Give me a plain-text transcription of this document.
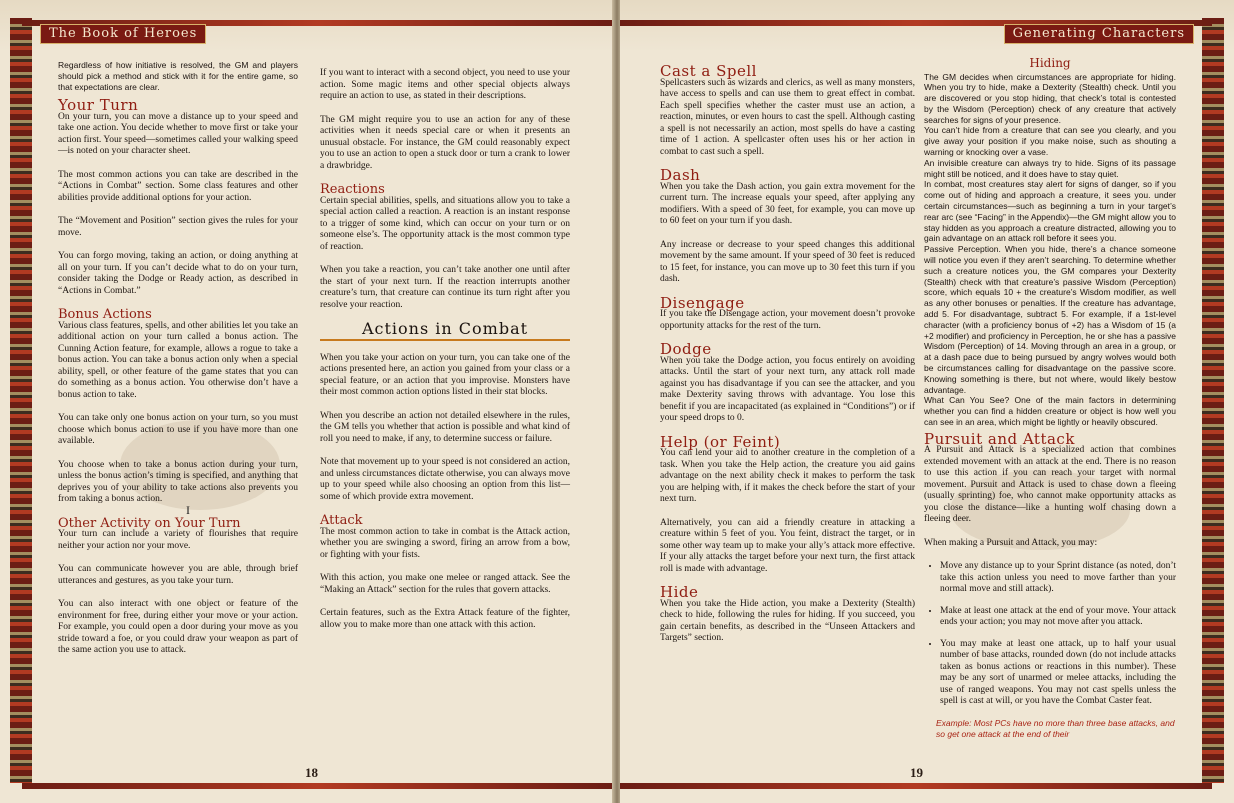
The Book of Heroes

Regardless of how initiative is resolved, the GM and players should pick a method and stick with it for the entire game, so that expectations are clear.

Your Turn

On your turn, you can move a distance up to your speed and take one action. You decide whether to move first or take your action first. Your speed—sometimes called your walking speed—is noted on your character sheet.

The most common actions you can take are described in the “Actions in Combat” section. Some class features and other abilities provide additional options for your action.

The “Movement and Position” section gives the rules for your move.

You can forgo moving, taking an action, or doing anything at all on your turn. If you can’t decide what to do on your turn, consider taking the Dodge or Ready action, as described in “Actions in Combat.”

Bonus Actions

Various class features, spells, and other abilities let you take an additional action on your turn called a bonus action. The Cunning Action feature, for example, allows a rogue to take a bonus action. You can take a bonus action only when a special ability, spell, or other feature of the game states that you can do something as a bonus action. You otherwise don’t have a bonus action to take.

You can take only one bonus action on your turn, so you must choose which bonus action to use if you have more than one available.

You choose when to take a bonus action during your turn, unless the bonus action’s timing is specified, and anything that deprives you of your ability to take actions also prevents you from taking a bonus action.

Other Activity on Your Turn

Your turn can include a variety of flourishes that require neither your action nor your move.

You can communicate however you are able, through brief utterances and gestures, as you take your turn.

You can also interact with one object or feature of the environment for free, during either your move or your action. For example, you could open a door during your move as you stride toward a foe, or you could draw your weapon as part of the same action you use to attack.

If you want to interact with a second object, you need to use your action. Some magic items and other special objects always require an action to use, as stated in their descriptions.

The GM might require you to use an action for any of these activities when it needs special care or when it presents an unusual obstacle. For instance, the GM could reasonably expect you to use an action to open a stuck door or turn a crank to lower a drawbridge.

Reactions

Certain special abilities, spells, and situations allow you to take a special action called a reaction. A reaction is an instant response to a trigger of some kind, which can occur on your turn or on someone else’s. The opportunity attack is the most common type of reaction.

When you take a reaction, you can’t take another one until after the start of your next turn. If the reaction interrupts another creature’s turn, that creature can continue its turn right after you resolve your reaction.

Actions in Combat

When you take your action on your turn, you can take one of the actions presented here, an action you gained from your class or a special feature, or an action that you improvise. Monsters have their most common action options listed in their stat blocks.

When you describe an action not detailed elsewhere in the rules, the GM tells you whether that action is possible and what kind of roll you need to make, if any, to determine success or failure.

Note that movement up to your speed is not considered an action, and unless circumstances dictate otherwise, you can always move up to your speed while also choosing an option from this list—some of which provide extra movement.

Attack

The most common action to take in combat is the Attack action, whether you are swinging a sword, firing an arrow from a bow, or fighting with your fists.

With this action, you make one melee or ranged attack. See the “Making an Attack” section for the rules that govern attacks.

Certain features, such as the Extra Attack feature of the fighter, allow you to make more than one attack with this action.

18
Generating Characters
Cast a Spell

Spellcasters such as wizards and clerics, as well as many monsters, have access to spells and can use them to great effect in combat. Each spell specifies whether the caster must use an action, a reaction, minutes, or even hours to cast the spell. Although casting a spell is not necessarily an action, most spells do have a casting time of 1 action. A spellcaster often uses his or her action in combat to cast such a spell.

Dash

When you take the Dash action, you gain extra movement for the current turn. The increase equals your speed, after applying any modifiers. With a speed of 30 feet, for example, you can move up to 60 feet on your turn if you dash.

Any increase or decrease to your speed changes this additional movement by the same amount. If your speed of 30 feet is reduced to 15 feet, for instance, you can move up to 30 feet this turn if you dash.

Disengage

If you take the Disengage action, your movement doesn’t provoke opportunity attacks for the rest of the turn.

Dodge

When you take the Dodge action, you focus entirely on avoiding attacks. Until the start of your next turn, any attack roll made against you has disadvantage if you can see the attacker, and you make Dexterity saving throws with advantage. You lose this benefit if you are incapacitated (as explained in “Conditions”) or if your speed drops to 0.

Help (or Feint)

You can lend your aid to another creature in the completion of a task. When you take the Help action, the creature you aid gains advantage on the next ability check it makes to perform the task you are helping with, if it makes the check before the start of your next turn.

Alternatively, you can aid a friendly creature in attacking a creature within 5 feet of you. You feint, distract the target, or in some other way team up to make your ally’s attack more effective. If your ally attacks the target before your next turn, the first attack roll is made with advantage.

Hide

When you take the Hide action, you make a Dexterity (Stealth) check to hide, following the rules for hiding. If you succeed, you gain certain benefits, as described in the “Unseen Attackers and Targets” section.

Hiding

The GM decides when circumstances are appropriate for hiding. When you try to hide, make a Dexterity (Stealth) check. Until you are discovered or you stop hiding, that check’s total is contested by the Wisdom (Perception) check of any creature that actively searches for signs of your presence.

You can’t hide from a creature that can see you clearly, and you give away your position if you make noise, such as shouting a warning or knocking over a vase.

An invisible creature can always try to hide. Signs of its passage might still be noticed, and it does have to stay quiet.

In combat, most creatures stay alert for signs of danger, so if you come out of hiding and approach a creature, it sees you. under certain circumstances—such as beginning a turn in your target’s rear arc (see “Facing” in the Appendix)—the GM might allow you to stay hidden as you approach a creature distracted, allowing you to gain advantage on an attack roll before it sees you.

Passive Perception. When you hide, there’s a chance someone will notice you even if they aren’t searching. To determine whether such a creature notices you, the GM compares your Dexterity (Stealth) check with that creature’s passive Wisdom (Perception) score, which equals 10 + the creature’s Wisdom modifier, as well as any other bonuses or penalties. If the creature has advantage, add 5. For disadvantage, subtract 5. For example, if a 1st-level character (with a proficiency bonus of +2) has a Wisdom of 15 (a +2 modifier) and proficiency in Perception, he or she has a passive Wisdom (Perception) of 14. Moving through an area in a group, or at a dash pace due to being pursued by angry wolves would both be circumstances calling for disadvantage on the passive score. Knowing something is there, but not where, would likely bestow advantage.

What Can You See? One of the main factors in determining whether you can find a hidden creature or object is how well you can see in an area, which might be lightly or heavily obscured.

Pursuit and Attack

A Pursuit and Attack is a specialized action that combines extended movement with an attack at the end. There is no reason to use this action if you can reach your target with normal movement. Pursuit and Attack is used to chase down a fleeing (usually sprinting) foe, who cannot make opportunity attacks as you close the distance—like a hunting wolf chasing down a fleeing deer.

When making a Pursuit and Attack, you may:

• Move any distance up to your Sprint distance (as noted, don’t take this action unless you need to move farther than your normal move and still attack).
• Make at least one attack at the end of your move. Your attack ends your action; you may not move after you attack.
• You may make at least one attack, up to half your usual number of base attacks, rounded down (do not include attacks taken as bonus actions or reactions in this number). These may be any sort of unarmed or melee attacks, including the use of ranged weapons. You may not cast spells unless the spell is cast at will, or you have the Combat Caster feat.
Example: Most PCs have no more than three base attacks, and so get one attack at the end of their
19
I
